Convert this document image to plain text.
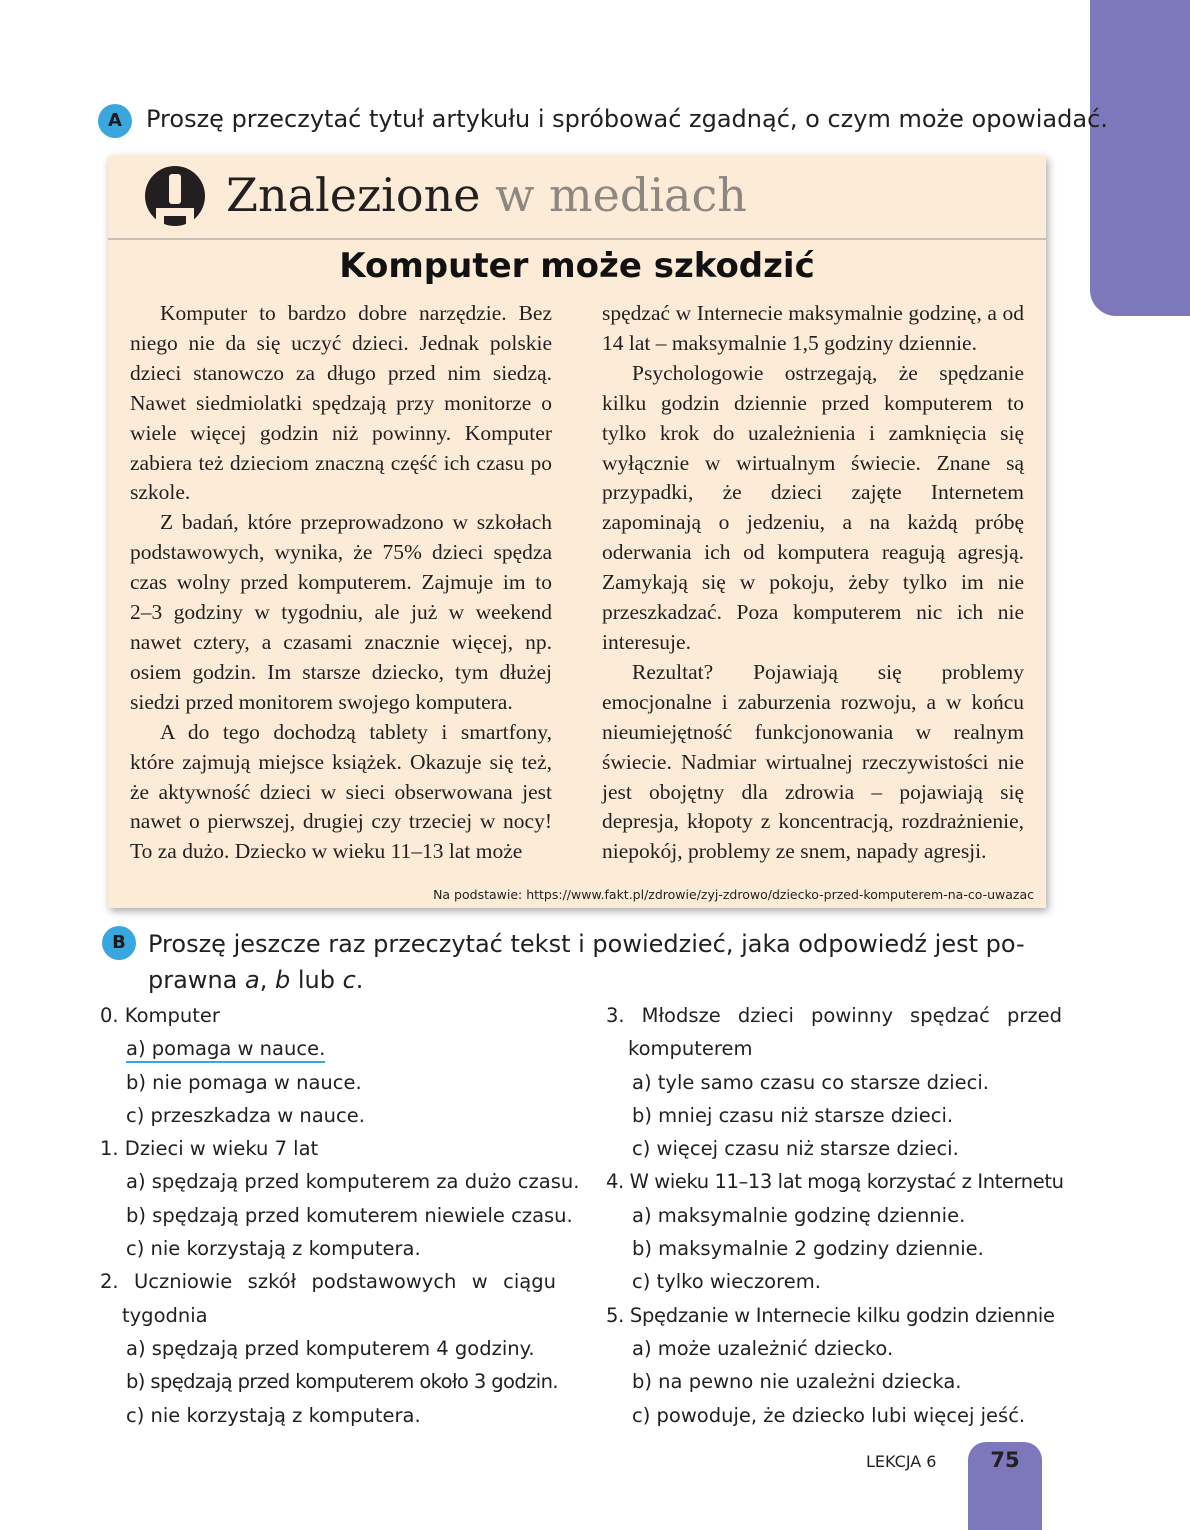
A	Proszę przeczytać tytuł artykułu i spróbować zgadnąć, o czym może opowiadać.
Znalezione w mediach
Komputer może szkodzić

Komputer to bardzo dobre narzędzie. Bez niego nie da się uczyć dzieci. Jednak polskie dzieci stanowczo za długo przed nim siedzą. Nawet siedmiolatki spędzają przy monitorze o wiele więcej godzin niż powinny. Komputer zabiera też dzieciom znaczną część ich czasu po szkole.

Z badań, które przeprowadzono w szkołach podstawowych, wynika, że 75% dzieci spędza czas wolny przed komputerem. Zajmuje im to 2–3 godziny w tygodniu, ale już w weekend nawet cztery, a czasami znacznie więcej, np. osiem godzin. Im starsze dziecko, tym dłużej siedzi przed monitorem swojego komputera.

A do tego dochodzą tablety i smartfony, które zajmują miejsce książek. Okazuje się też, że aktywność dzieci w sieci obserwowana jest nawet o pierwszej, drugiej czy trzeciej w nocy! To za dużo. Dziecko w wieku 11–13 lat może

spędzać w Internecie maksymalnie godzinę, a od 14 lat – maksymalnie 1,5 godziny dziennie.

Psychologowie ostrzegają, że spędzanie kilku godzin dziennie przed komputerem to tylko krok do uzależnienia i zamknięcia się wyłącznie w wirtualnym świecie. Znane są przypadki, że dzieci zajęte Internetem zapominają o jedzeniu, a na każdą próbę oderwania ich od komputera reagują agresją. Zamykają się w pokoju, żeby tylko im nie przeszkadzać. Poza komputerem nic ich nie interesuje.

Rezultat? Pojawiają się problemy emocjonalne i zaburzenia rozwoju, a w końcu nieumiejętność funkcjonowania w realnym świecie. Nadmiar wirtualnej rzeczywistości nie jest obojętny dla zdrowia – pojawiają się depresja, kłopoty z koncentracją, rozdrażnienie, niepokój, problemy ze snem, napady agresji.

Na podstawie: https://www.fakt.pl/zdrowie/zyj-zdrowo/dziecko-przed-komputerem-na-co-uwazac
B Proszę jeszcze raz przeczytać tekst i powiedzieć, jaka odpowiedź jest po-
prawna a, b lub c.
0. Komputer
a) pomaga w nauce.
b) nie pomaga w nauce.
c) przeszkadza w nauce.
1. Dzieci w wieku 7 lat
a) spędzają przed komputerem za dużo czasu.
b) spędzają przed komuterem niewiele czasu.
c) nie korzystają z komputera.
2. Uczniowie szkół podstawowych w ciągu
tygodnia
a) spędzają przed komputerem 4 godziny.
b) spędzają przed komputerem około 3 godzin.
c) nie korzystają z komputera.
3. Młodsze dzieci powinny spędzać przed
komputerem
a) tyle samo czasu co starsze dzieci.
b) mniej czasu niż starsze dzieci.
c) więcej czasu niż starsze dzieci.
4. W wieku 11–13 lat mogą korzystać z Internetu
a) maksymalnie godzinę dziennie.
b) maksymalnie 2 godziny dziennie.
c) tylko wieczorem.
5. Spędzanie w Internecie kilku godzin dziennie
a) może uzależnić dziecko.
b) na pewno nie uzależni dziecka.
c) powoduje, że dziecko lubi więcej jeść.
LEKCJA 6	75
